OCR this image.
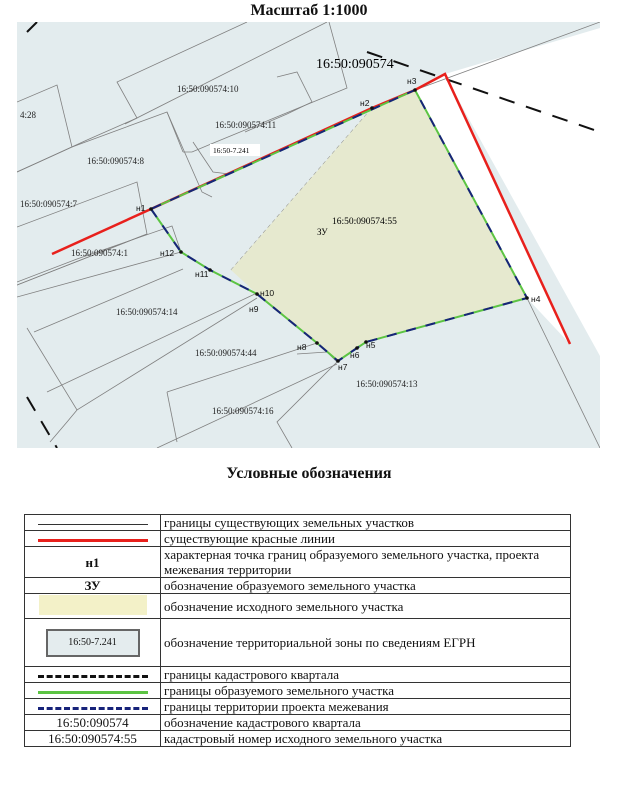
Масштаб 1:1000
16:50-7.241
16:50:090574
16:50:090574:55
ЗУ
4:28
16:50:090574:10
16:50:090574:11
16:50:090574:8
16:50:090574:7
16:50:090574:1
16:50:090574:14
16:50:090574:44
16:50:090574:13
16:50:090574:16
н1
н2
н3
н4
н5
н6
н7
н8
н9
н10
н11
н12
Условные обозначения
	границы существующих земельных участков
	существующие красные линии
н1	характерная точка границ образуемого земельного участка, проекта межевания территории
ЗУ	обозначение образуемого земельного участка
	обозначение исходного земельного участка
16:50-7.241	обозначение территориальной зоны по сведениям ЕГРН
	границы кадастрового квартала
	границы образуемого земельного участка
	границы территории проекта межевания
16:50:090574	обозначение кадастрового квартала
16:50:090574:55	кадастровый номер исходного земельного участка
